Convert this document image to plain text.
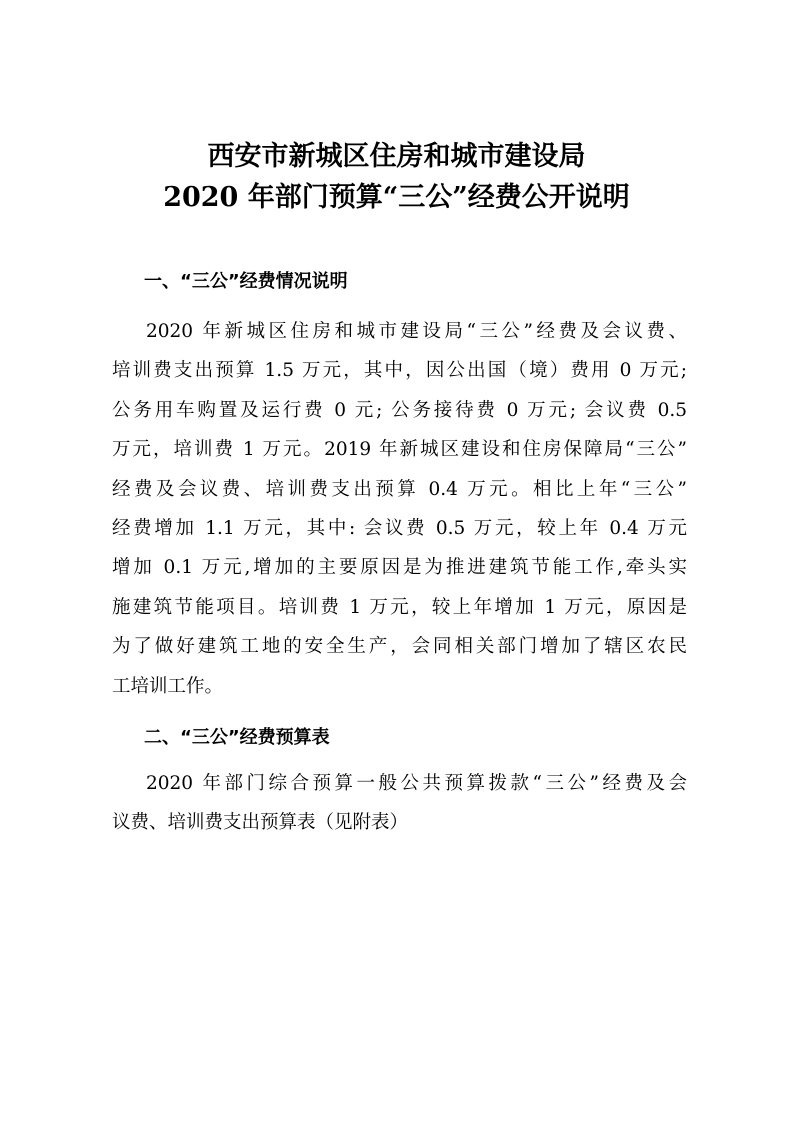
西安市新城区住房和城市建设局
2020 年部门预算“三公”经费公开说明
一、“三公”经费情况说明
2020 年新城区住房和城市建设局“三公”经费及会议费、
培训费支出预算 1.5 万元，其中，因公出国（境）费用 0 万元;
公务用车购置及运行费 0 元; 公务接待费 0 万元; 会议费 0.5
万元，培训费 1 万元。2019 年新城区建设和住房保障局“三公”
经费及会议费、培训费支出预算 0.4 万元。相比上年“三公”
经费增加 1.1 万元，其中: 会议费 0.5 万元，较上年 0.4 万元
增加 0.1 万元,增加的主要原因是为推进建筑节能工作,牵头实
施建筑节能项目。培训费 1 万元，较上年增加 1 万元，原因是
为了做好建筑工地的安全生产，会同相关部门增加了辖区农民
工培训工作。
二、“三公”经费预算表
2020 年部门综合预算一般公共预算拨款“三公”经费及会
议费、培训费支出预算表（见附表）
